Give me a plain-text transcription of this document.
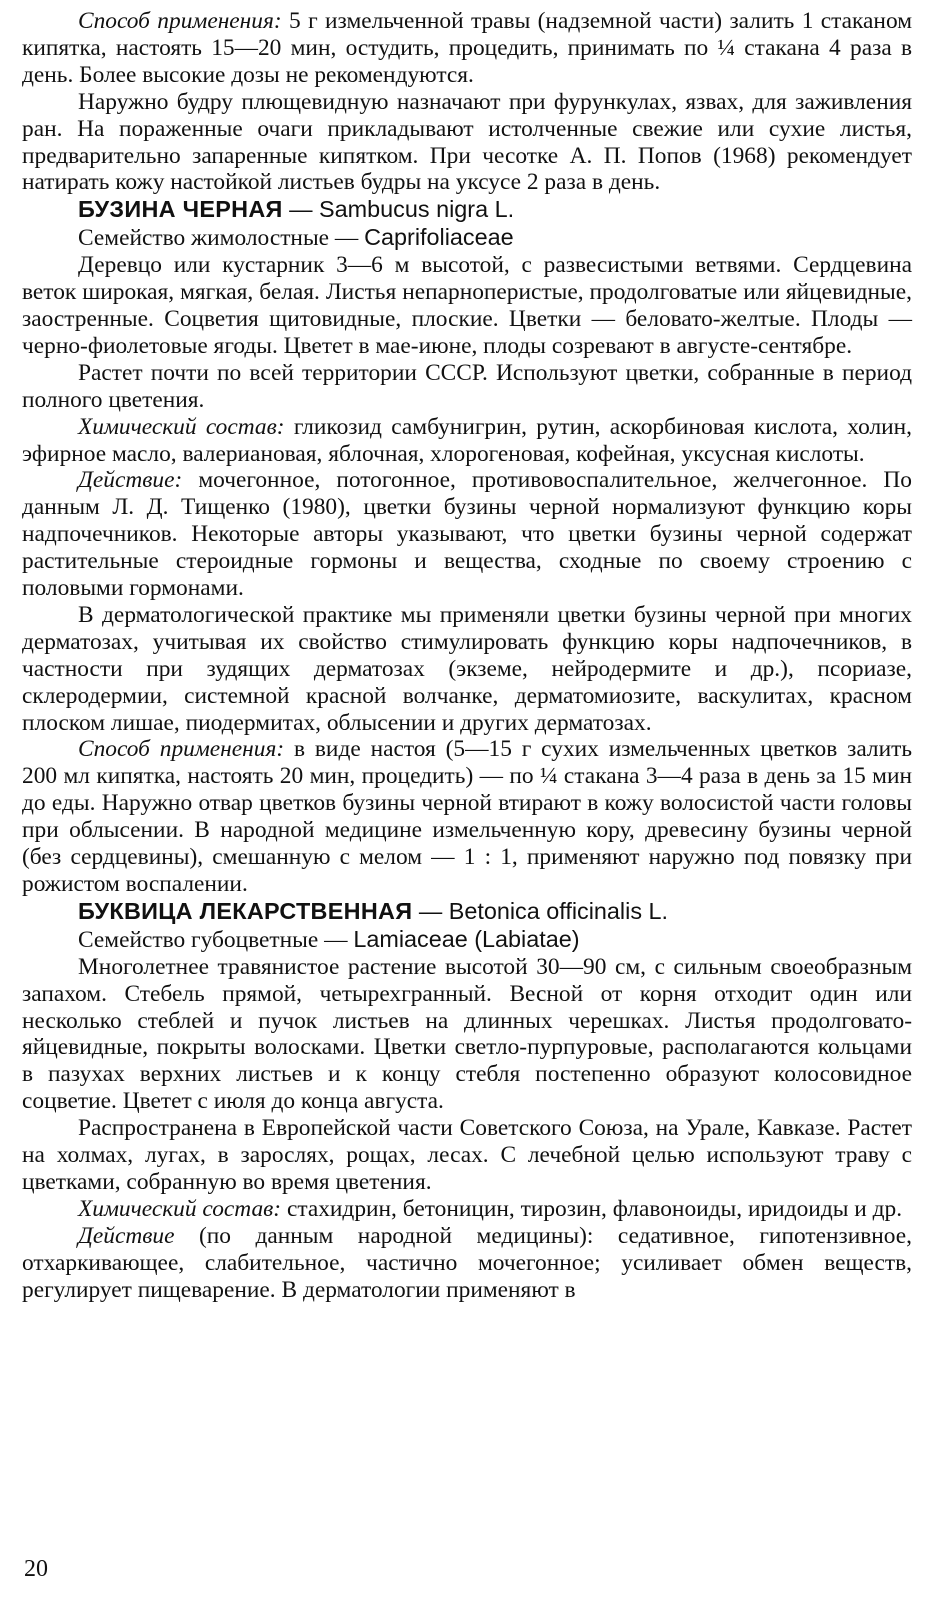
Способ применения: 5 г измельченной травы (надземной части) залить 1 стаканом кипятка, настоять 15—20 мин, остудить, процедить, принимать по ¼ стакана 4 раза в день. Более высокие дозы не рекомендуются.

Наружно будру плющевидную назначают при фурункулах, язвах, для заживления ран. На пораженные очаги прикладывают истолченные свежие или сухие листья, предварительно запаренные кипятком. При чесотке А. П. Попов (1968) рекомендует натирать кожу настойкой листьев будры на уксусе 2 раза в день.

БУЗИНА ЧЕРНАЯ — Sambucus nigra L.

Семейство жимолостные — Caprifoliaceae

Деревцо или кустарник 3—6 м высотой, с развесистыми ветвями. Сердцевина веток широкая, мягкая, белая. Листья непарноперистые, продолговатые или яйцевидные, заостренные. Соцветия щитовидные, плоские. Цветки — беловато-желтые. Плоды — черно-фиолетовые ягоды. Цветет в мае-июне, плоды созревают в августе-сентябре.

Растет почти по всей территории СССР. Используют цветки, собранные в период полного цветения.

Химический состав: гликозид самбунигрин, рутин, аскорбиновая кислота, холин, эфирное масло, валериановая, яблочная, хлорогеновая, кофейная, уксусная кислоты.

Действие: мочегонное, потогонное, противовоспалительное, желчегонное. По данным Л. Д. Тищенко (1980), цветки бузины черной нормализуют функцию коры надпочечников. Некоторые авторы указывают, что цветки бузины черной содержат растительные стероидные гормоны и вещества, сходные по своему строению с половыми гормонами.

В дерматологической практике мы применяли цветки бузины черной при многих дерматозах, учитывая их свойство стимулировать функцию коры надпочечников, в частности при зудящих дерматозах (экземе, нейродермите и др.), псориазе, склеродермии, системной красной волчанке, дерматомиозите, васкулитах, красном плоском лишае, пиодермитах, облысении и других дерматозах.

Способ применения: в виде настоя (5—15 г сухих измельченных цветков залить 200 мл кипятка, настоять 20 мин, процедить) — по ¼ стакана 3—4 раза в день за 15 мин до еды. Наружно отвар цветков бузины черной втирают в кожу волосистой части головы при облысении. В народной медицине измельченную кору, древесину бузины черной (без сердцевины), смешанную с мелом — 1 : 1, применяют наружно под повязку при рожистом воспалении.

БУКВИЦА ЛЕКАРСТВЕННАЯ — Betonica officinalis L.

Семейство губоцветные — Lamiaceae (Labiatae)

Многолетнее травянистое растение высотой 30—90 см, с сильным своеобразным запахом. Стебель прямой, четырехгранный. Весной от корня отходит один или несколько стеблей и пучок листьев на длинных черешках. Листья продолговато-яйцевидные, покрыты волосками. Цветки светло-пурпуровые, располагаются кольцами в пазухах верхних листьев и к концу стебля постепенно образуют колосовидное соцветие. Цветет с июля до конца августа.

Распространена в Европейской части Советского Союза, на Урале, Кавказе. Растет на холмах, лугах, в зарослях, рощах, лесах. С лечебной целью используют траву с цветками, собранную во время цветения.

Химический состав: стахидрин, бетоницин, тирозин, флавоноиды, иридоиды и др.

Действие (по данным народной медицины): седативное, гипотензивное, отхаркивающее, слабительное, частично мочегонное; усиливает обмен веществ, регулирует пищеварение. В дерматологии применяют в

20
